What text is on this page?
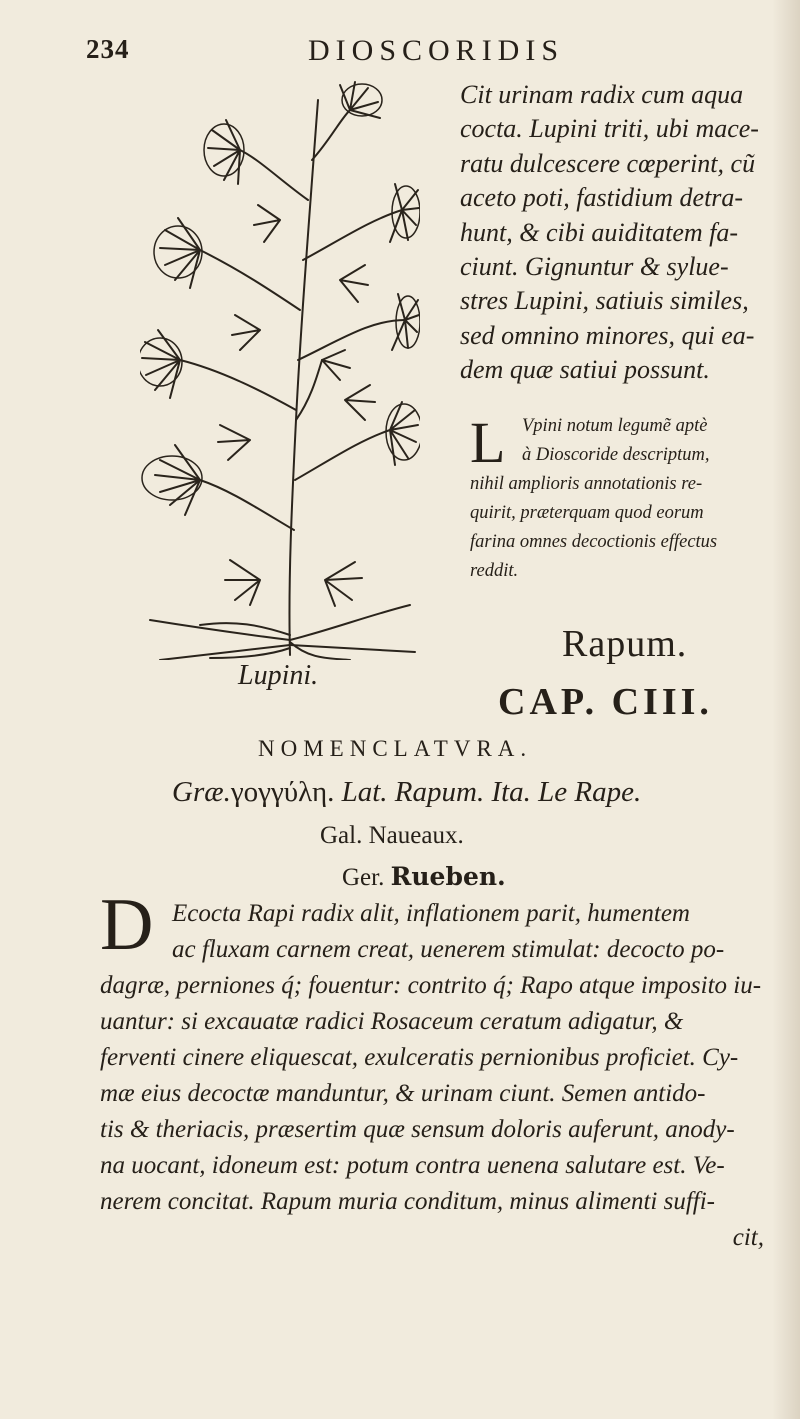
234	DIOSCORIDIS
Lupini.

Cit urinam radix cum aqua
cocta. Lupini triti, ubi mace-
ratu dulcescere cœperint, cũ
aceto poti, fastidium detra-
hunt, & cibi auiditatem fa-
ciunt. Gignuntur & sylue-
stres Lupini, satiuis similes,
sed omnino minores, qui ea-
dem quæ satiui possunt.

L Vpini notum legumẽ aptè
à Dioscoride descriptum,
nihil amplioris annotationis re-
quirit, præterquam quod eorum
farina omnes decoctionis effectus
reddit.
Rapum.
CAP. CIII.
NOMENCLATVRA.
Græ.γογγύλη. Lat. Rapum. Ita. Le Rape.
Gal. Naueaux.
Ger. Rueben.
D Ecocta Rapi radix alit, inflationem parit, humentem
ac fluxam carnem creat, uenerem stimulat: decocto po-
dagræ, perniones q́; fouentur: contrito q́; Rapo atque imposito iu-
uantur: si excauatæ radici Rosaceum ceratum adigatur, &
ferventi cinere eliquescat, exulceratis pernionibus proficiet. Cy-
mæ eius decoctæ manduntur, & urinam ciunt. Semen antido-
tis & theriacis, præsertim quæ sensum doloris auferunt, anody-
na uocant, idoneum est: potum contra uenena salutare est. Ve-
nerem concitat. Rapum muria conditum, minus alimenti suffi-
cit,
